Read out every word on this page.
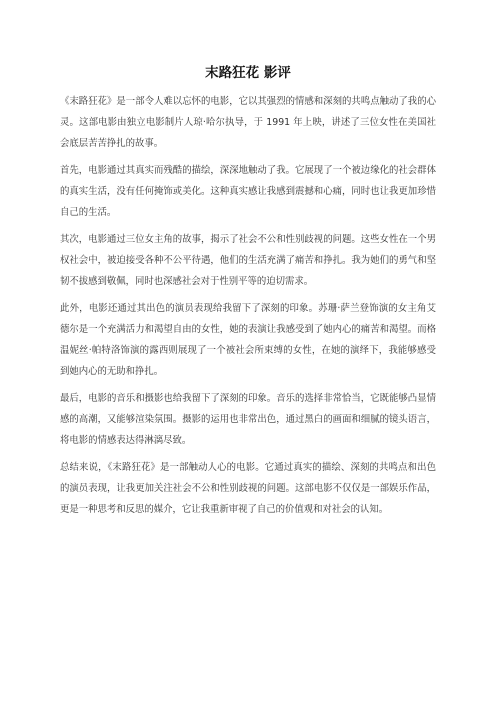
末路狂花 影评

《末路狂花》是一部令人难以忘怀的电影，它以其强烈的情感和深刻的共鸣点触动了我的心灵。这部电影由独立电影制片人琼·哈尔执导，于 1991 年上映，讲述了三位女性在美国社会底层苦苦挣扎的故事。

首先，电影通过其真实而残酷的描绘，深深地触动了我。它展现了一个被边缘化的社会群体的真实生活，没有任何掩饰或美化。这种真实感让我感到震撼和心痛，同时也让我更加珍惜自己的生活。

其次，电影通过三位女主角的故事，揭示了社会不公和性别歧视的问题。这些女性在一个男权社会中，被迫接受各种不公平待遇，他们的生活充满了痛苦和挣扎。我为她们的勇气和坚韧不拔感到敬佩，同时也深感社会对于性别平等的迫切需求。

此外，电影还通过其出色的演员表现给我留下了深刻的印象。苏珊·萨兰登饰演的女主角艾德尔是一个充满活力和渴望自由的女性，她的表演让我感受到了她内心的痛苦和渴望。而格温妮丝·帕特洛饰演的露西则展现了一个被社会所束缚的女性，在她的演绎下，我能够感受到她内心的无助和挣扎。

最后，电影的音乐和摄影也给我留下了深刻的印象。音乐的选择非常恰当，它既能够凸显情感的高潮，又能够渲染氛围。摄影的运用也非常出色，通过黑白的画面和细腻的镜头语言，将电影的情感表达得淋漓尽致。

总结来说，《末路狂花》是一部触动人心的电影。它通过真实的描绘、深刻的共鸣点和出色的演员表现，让我更加关注社会不公和性别歧视的问题。这部电影不仅仅是一部娱乐作品，更是一种思考和反思的媒介，它让我重新审视了自己的价值观和对社会的认知。
